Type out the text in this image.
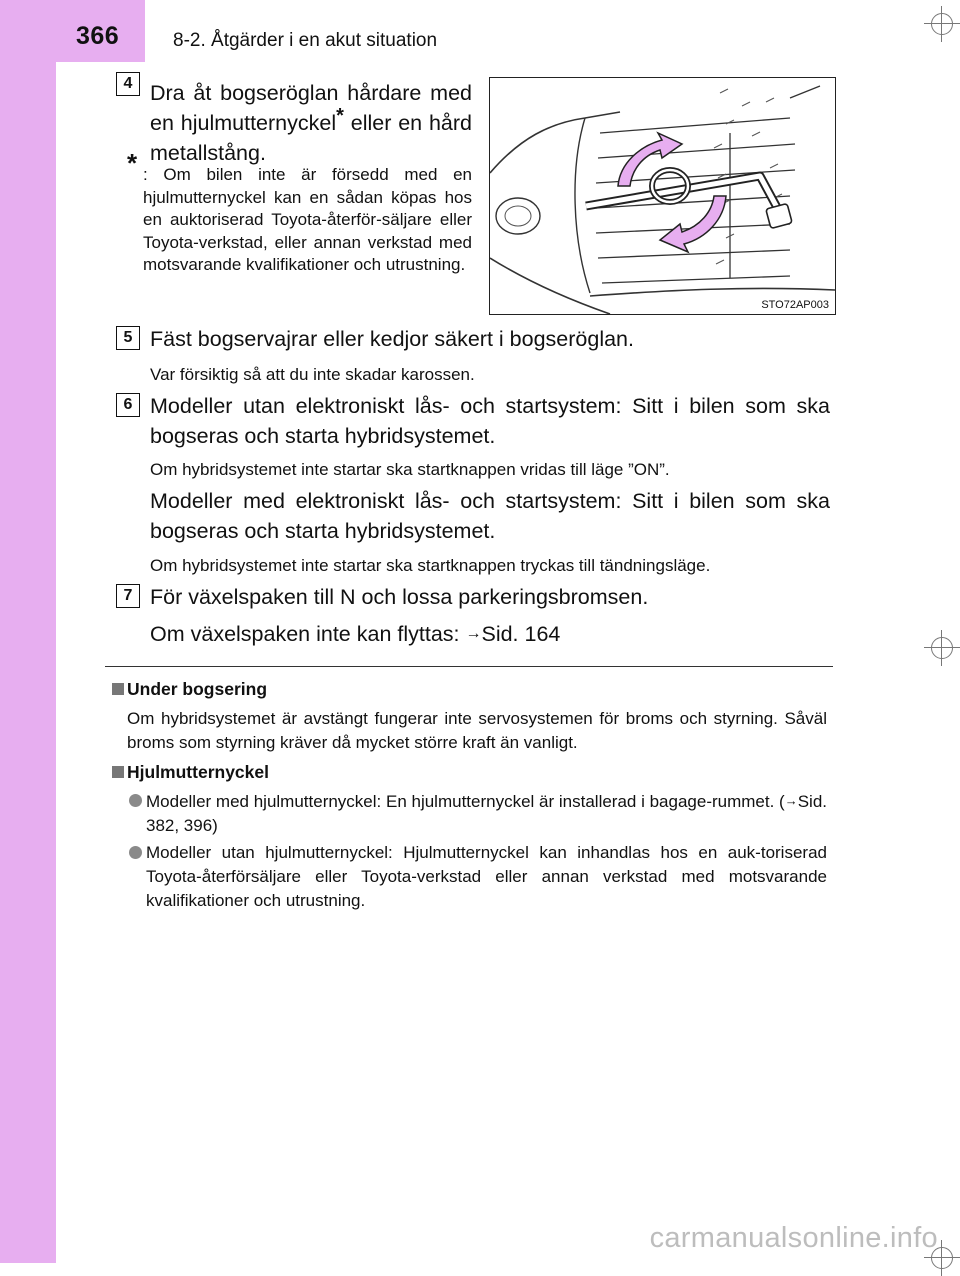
366	8-2. Åtgärder i en akut situation
4 Dra åt bogseröglan hårdare med en hjulmutternyckel* eller en hård metallstång.
* : Om bilen inte är försedd med en hjulmutternyckel kan en sådan köpas hos en auktoriserad Toyota-återför-säljare eller Toyota-verkstad, eller annan verkstad med motsvarande kvalifikationer och utrustning.
STO72AP003
5 Fäst bogservajrar eller kedjor säkert i bogseröglan.
Var försiktig så att du inte skadar karossen.
6 Modeller utan elektroniskt lås- och startsystem: Sitt i bilen som ska bogseras och starta hybridsystemet.
Om hybridsystemet inte startar ska startknappen vridas till läge ”ON”.
Modeller med elektroniskt lås- och startsystem: Sitt i bilen som ska bogseras och starta hybridsystemet.
Om hybridsystemet inte startar ska startknappen tryckas till tändningsläge.
7 För växelspaken till N och lossa parkeringsbromsen.
Om växelspaken inte kan flyttas: →Sid. 164
Under bogsering
Om hybridsystemet är avstängt fungerar inte servosystemen för broms och styrning. Såväl broms som styrning kräver då mycket större kraft än vanligt.
Hjulmutternyckel
Modeller med hjulmutternyckel: En hjulmutternyckel är installerad i bagage-rummet. (→Sid. 382, 396)
Modeller utan hjulmutternyckel: Hjulmutternyckel kan inhandlas hos en auk-toriserad Toyota-återförsäljare eller Toyota-verkstad eller annan verkstad med motsvarande kvalifikationer och utrustning.
carmanualsonline.info
